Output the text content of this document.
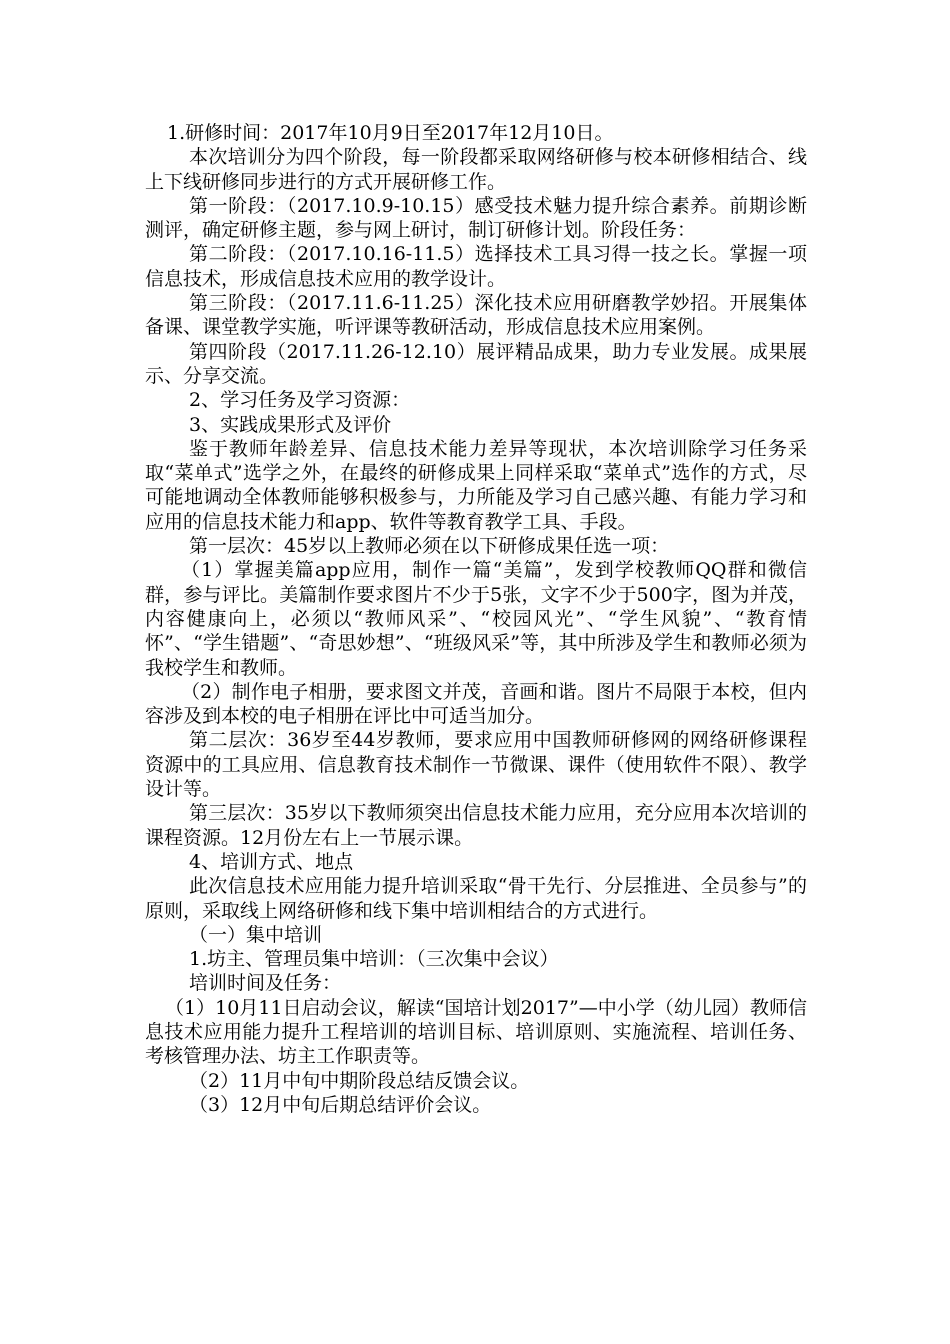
1.研修时间：2017年10月9日至2017年12月10日。

本次培训分为四个阶段，每一阶段都采取网络研修与校本研修相结合、线上下线研修同步进行的方式开展研修工作。

第一阶段：（2017.10.9-10.15）感受技术魅力提升综合素养。前期诊断测评，确定研修主题，参与网上研讨，制订研修计划。阶段任务：

第二阶段：（2017.10.16-11.5）选择技术工具习得一技之长。掌握一项信息技术，形成信息技术应用的教学设计。

第三阶段：（2017.11.6-11.25）深化技术应用研磨教学妙招。开展集体备课、课堂教学实施，听评课等教研活动，形成信息技术应用案例。

第四阶段（2017.11.26-12.10）展评精品成果，助力专业发展。成果展示、分享交流。

2、学习任务及学习资源：

3、实践成果形式及评价

鉴于教师年龄差异、信息技术能力差异等现状，本次培训除学习任务采取“菜单式”选学之外，在最终的研修成果上同样采取“菜单式”选作的方式，尽可能地调动全体教师能够积极参与，力所能及学习自己感兴趣、有能力学习和应用的信息技术能力和app、软件等教育教学工具、手段。

第一层次：45岁以上教师必须在以下研修成果任选一项：

（1）掌握美篇app应用，制作一篇“美篇”，发到学校教师QQ群和微信群，参与评比。美篇制作要求图片不少于5张，文字不少于500字，图为并茂，内容健康向上，必须以“教师风采”、“校园风光”、“学生风貌”、“教育情怀”、“学生错题”、“奇思妙想”、“班级风采”等，其中所涉及学生和教师必须为我校学生和教师。

（2）制作电子相册，要求图文并茂，音画和谐。图片不局限于本校，但内容涉及到本校的电子相册在评比中可适当加分。

第二层次：36岁至44岁教师，要求应用中国教师研修网的网络研修课程资源中的工具应用、信息教育技术制作一节微课、课件（使用软件不限）、教学设计等。

第三层次：35岁以下教师须突出信息技术能力应用，充分应用本次培训的课程资源。12月份左右上一节展示课。

4、培训方式、地点

此次信息技术应用能力提升培训采取“骨干先行、分层推进、全员参与”的原则，采取线上网络研修和线下集中培训相结合的方式进行。

（一）集中培训

1.坊主、管理员集中培训：（三次集中会议）

培训时间及任务：

（1）10月11日启动会议，解读“国培计划2017”—中小学（幼儿园）教师信息技术应用能力提升工程培训的培训目标、培训原则、实施流程、培训任务、考核管理办法、坊主工作职责等。

（2）11月中旬中期阶段总结反馈会议。

（3）12月中旬后期总结评价会议。
